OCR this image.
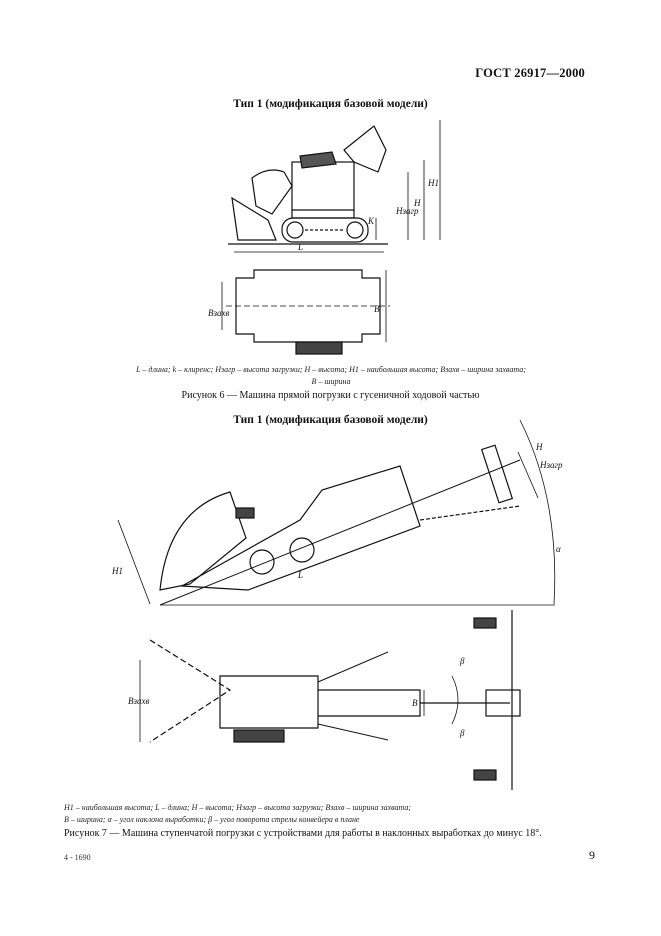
ГОСТ 26917—2000
Тип 1 (модификация базовой модели)
L
K
Hзагр
H
H1
Bзахв	B
L – длина; k – клиренс; Hзагр – высота загрузки; H – высота; H1 – наибольшая высота; Bзахв – ширина захвата;
B – ширина
Рисунок 6 — Машина прямой погрузки с гусеничной ходовой частью
Тип 1 (модификация базовой модели)
H
Hзагр
H1	L
α
Bзахв	B
β
β
H1 – наибольшая высота; L – длина; H – высота; Hзагр – высота загрузки; Bзахв – ширина захвата;
B – ширина; α – угол наклона выработки; β – угол поворота стрелы конвейера в плане
Рисунок 7 — Машина ступенчатой погрузки с устройствами для работы в наклонных выработках до минус 18°.
4 - 1690	9
